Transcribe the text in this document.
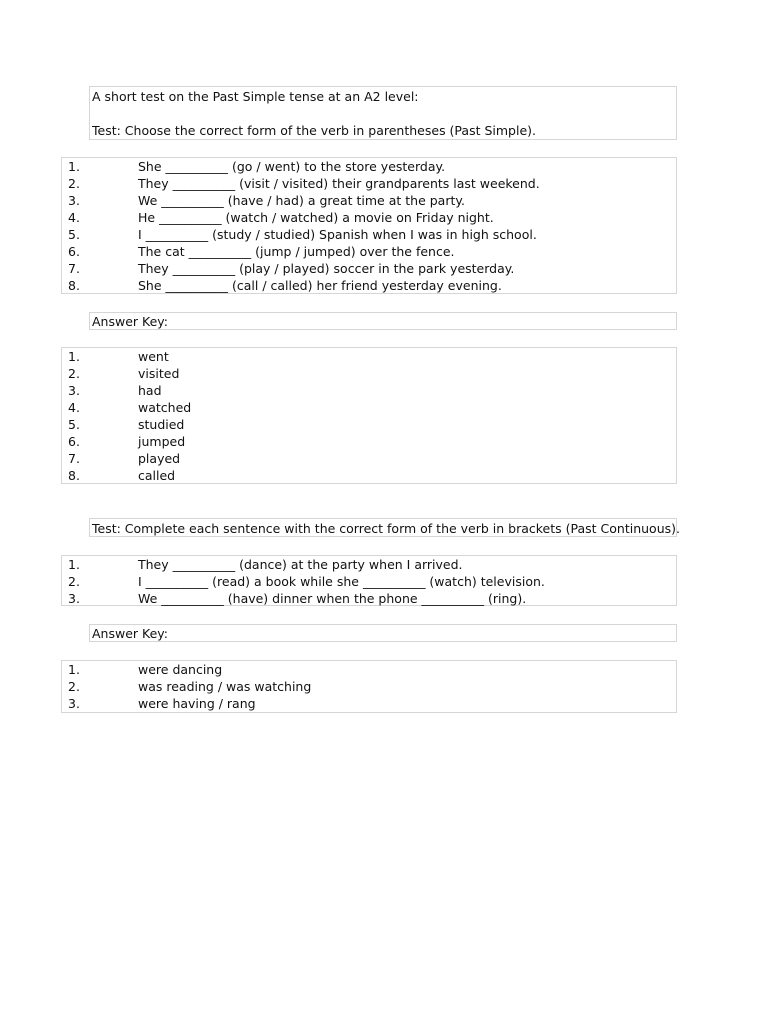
A short test on the Past Simple tense at an A2 level:
Test: Choose the correct form of the verb in parentheses (Past Simple).
1.	She __________ (go / went) to the store yesterday.
2.	They __________ (visit / visited) their grandparents last weekend.
3.	We __________ (have / had) a great time at the party.
4.	He __________ (watch / watched) a movie on Friday night.
5.	I __________ (study / studied) Spanish when I was in high school.
6.	The cat __________ (jump / jumped) over the fence.
7.	They __________ (play / played) soccer in the park yesterday.
8.	She __________ (call / called) her friend yesterday evening.
Answer Key:
1.	went
2.	visited
3.	had
4.	watched
5.	studied
6.	jumped
7.	played
8.	called
Test: Complete each sentence with the correct form of the verb in brackets (Past Continuous).
1.	They __________ (dance) at the party when I arrived.
2.	I __________ (read) a book while she __________ (watch) television.
3.	We __________ (have) dinner when the phone __________ (ring).
Answer Key:
1.	were dancing
2.	was reading / was watching
3.	were having / rang
